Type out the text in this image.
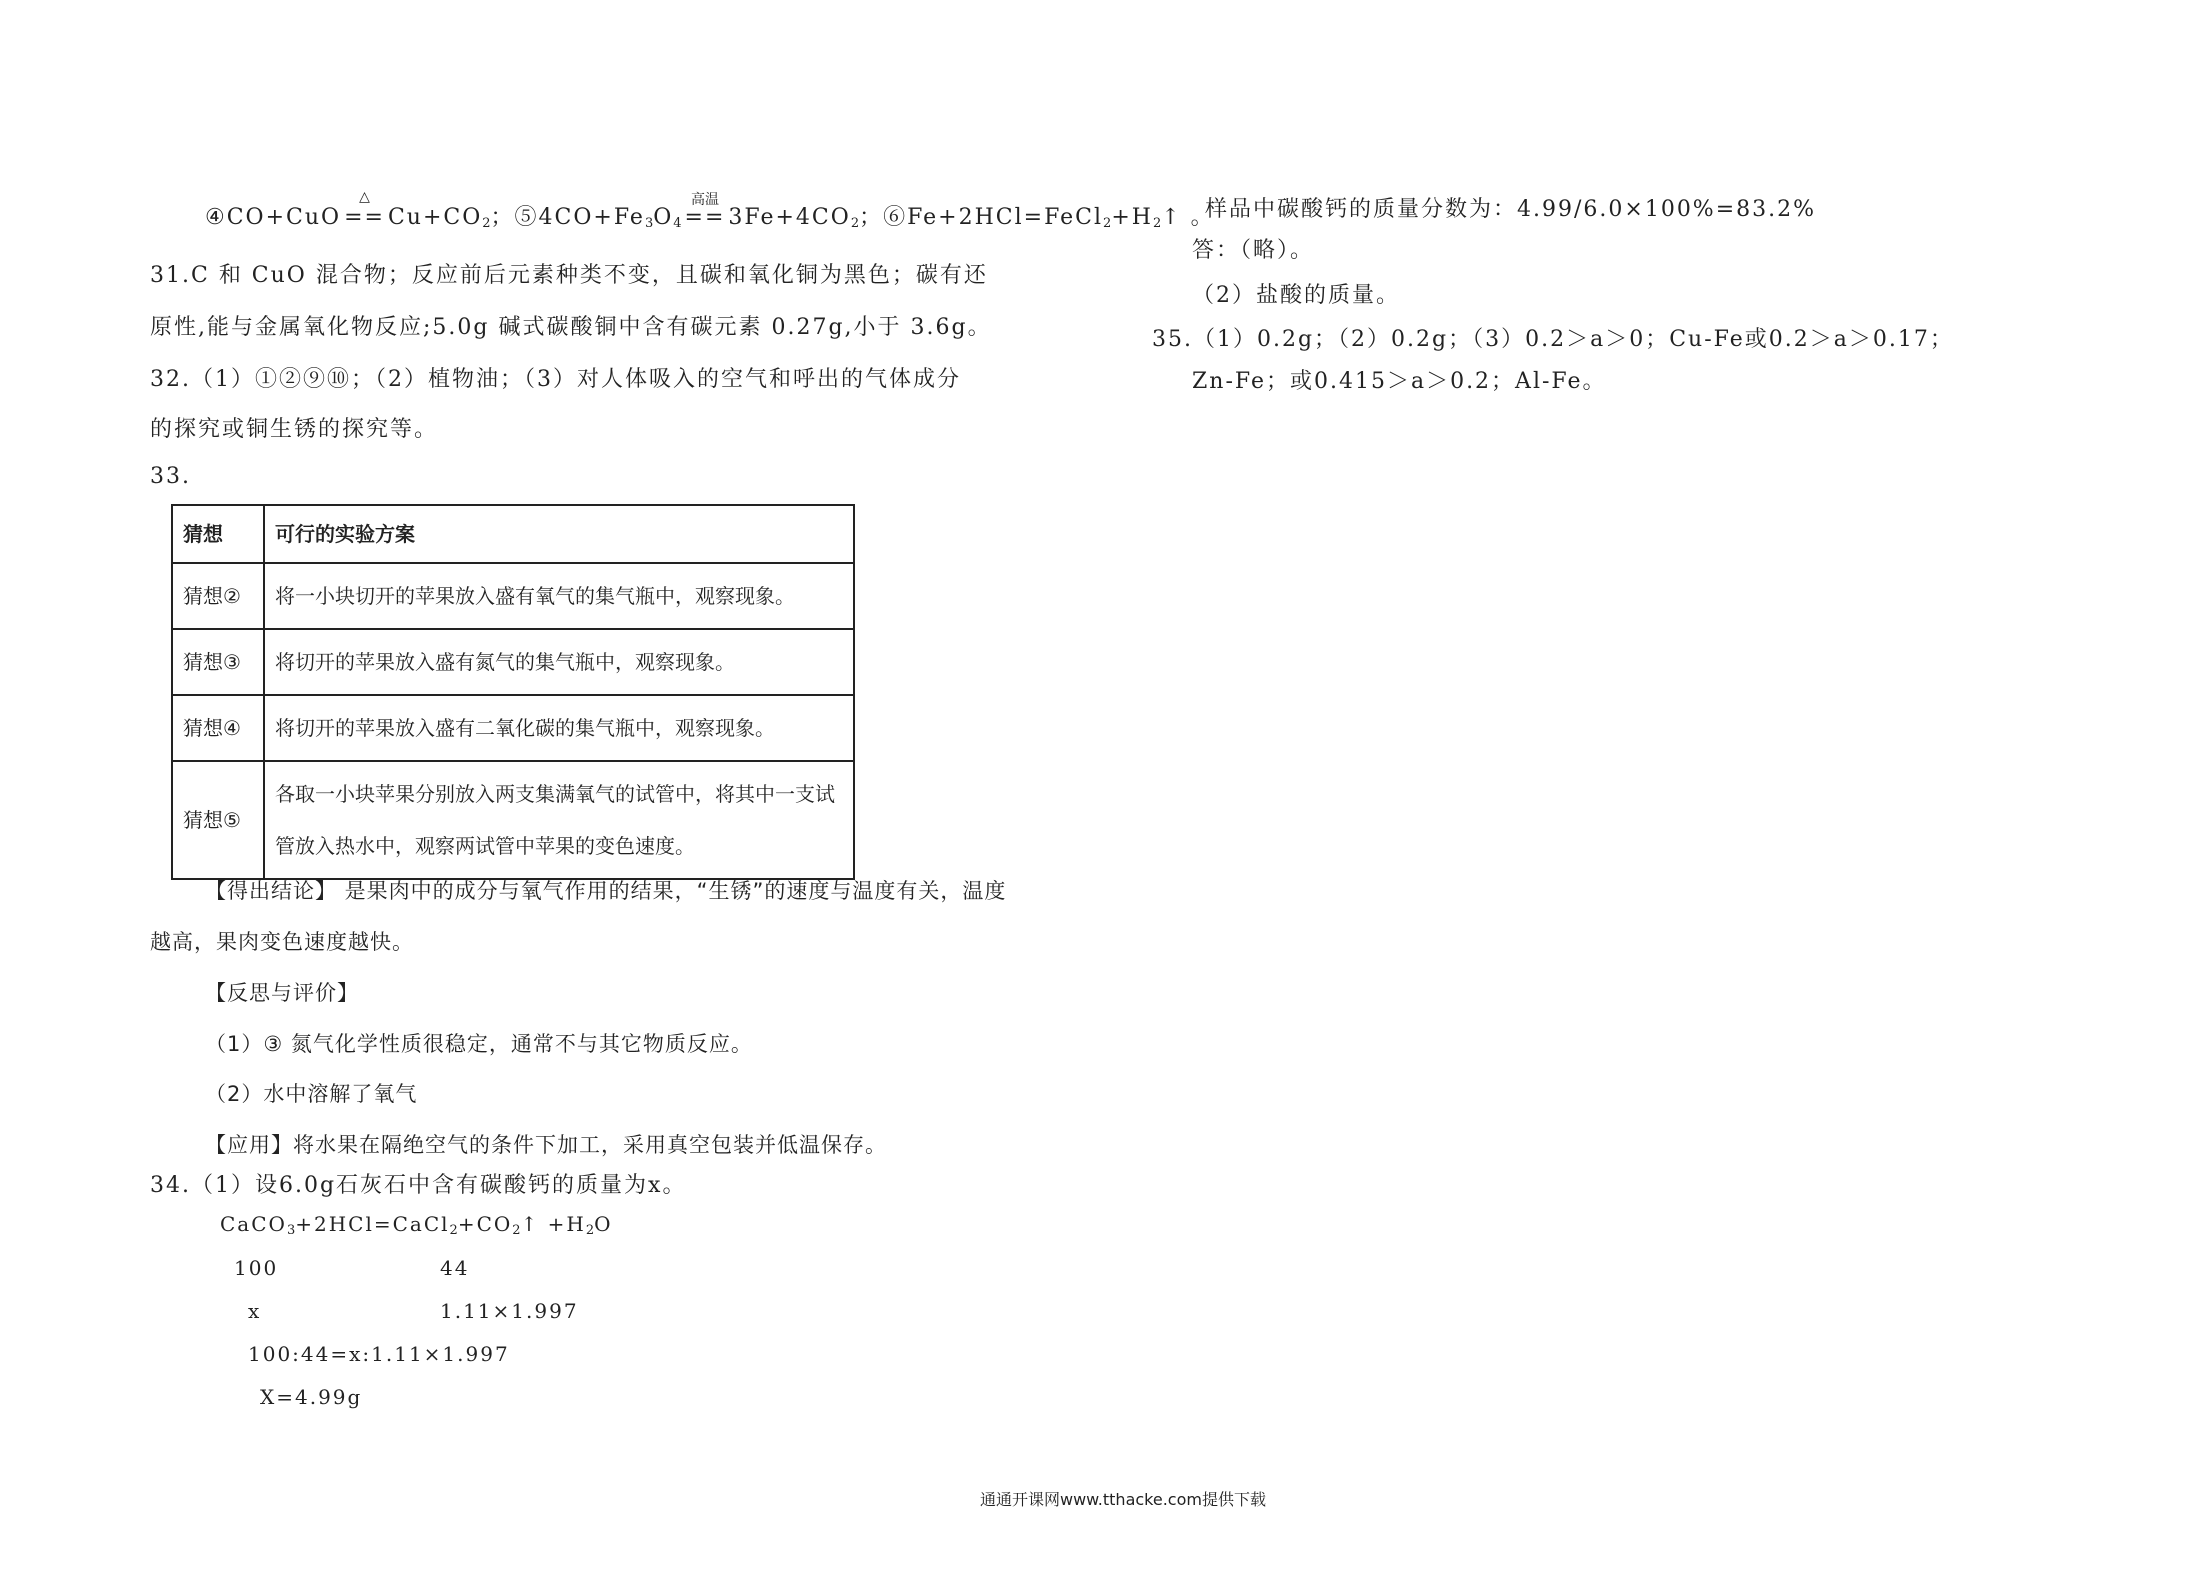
④CO+CuO
△
== $Cu+CO_2$；$⑤4CO+Fe_3O_4$
高温
== $3Fe+4CO_2$；$⑥Fe+2HCl=FeCl_2+H_2↑$ 。
31.C 和 CuO 混合物；反应前后元素种类不变，且碳和氧化铜为黑色；碳有还
原性,能与金属氧化物反应;5.0g 碱式碳酸铜中含有碳元素 0.27g,小于 3.6g。
32.（1）①②⑨⑩；（2）植物油；（3）对人体吸入的空气和呼出的气体成分
的探究或铜生锈的探究等。
33.
猜想	可行的实验方案
猜想②	将一小块切开的苹果放入盛有氧气的集气瓶中，观察现象。
猜想③	将切开的苹果放入盛有氮气的集气瓶中，观察现象。
猜想④	将切开的苹果放入盛有二氧化碳的集气瓶中，观察现象。
猜想⑤	各取一小块苹果分别放入两支集满氧气的试管中，将其中一支试管放入热水中，观察两试管中苹果的变色速度。
【得出结论】 是果肉中的成分与氧气作用的结果，“生锈”的速度与温度有关，温度
越高，果肉变色速度越快。
【反思与评价】
（1）③ 氮气化学性质很稳定，通常不与其它物质反应。
（2）水中溶解了氧气
【应用】将水果在隔绝空气的条件下加工，采用真空包装并低温保存。
34.（1）设6.0g石灰石中含有碳酸钙的质量为x。
$CaCO_3+2HCl=CaCl_2+CO_2↑ +H_2O$
100	44
x	1.11×1.997
100:44=x:1.11×1.997
X=4.99g
样品中碳酸钙的质量分数为：4.99/6.0×100%=83.2%
答：（略）。
（2）盐酸的质量。
35.（1）0.2g；（2）0.2g；（3）0.2＞a＞0；Cu-Fe或0.2＞a＞0.17；
Zn-Fe；或0.415＞a＞0.2；Al-Fe。
通通开课网www.tthacke.com提供下载
